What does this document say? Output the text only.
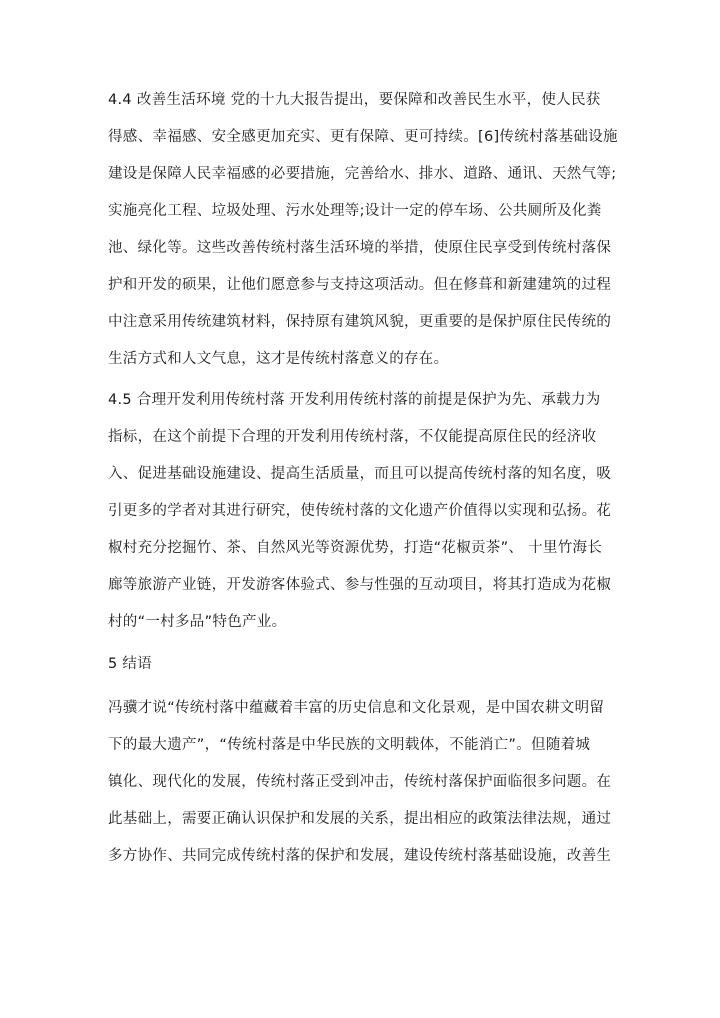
4.4 改善生活环境 党的十九大报告提出，要保障和改善民生水平，使人民获
得感、幸福感、安全感更加充实、更有保障、更可持续。[6]传统村落基础设施
建设是保障人民幸福感的必要措施，完善给水、排水、道路、通讯、天然气等;
实施亮化工程、垃圾处理、污水处理等;设计一定的停车场、公共厕所及化粪
池、绿化等。这些改善传统村落生活环境的举措，使原住民享受到传统村落保
护和开发的硕果，让他们愿意参与支持这项活动。但在修葺和新建建筑的过程
中注意采用传统建筑材料，保持原有建筑风貌，更重要的是保护原住民传统的
生活方式和人文气息，这才是传统村落意义的存在。
4.5 合理开发利用传统村落 开发利用传统村落的前提是保护为先、承载力为
指标，在这个前提下合理的开发利用传统村落，不仅能提高原住民的经济收
入、促进基础设施建设、提高生活质量，而且可以提高传统村落的知名度，吸
引更多的学者对其进行研究，使传统村落的文化遗产价值得以实现和弘扬。花
椒村充分挖掘竹、茶、自然风光等资源优势，打造“花椒贡茶”、 十里竹海长
廊等旅游产业链，开发游客体验式、参与性强的互动项目，将其打造成为花椒
村的“一村多品”特色产业。
5 结语
冯骥才说“传统村落中蕴藏着丰富的历史信息和文化景观，是中国农耕文明留
下的最大遗产”，“传统村落是中华民族的文明载体，不能消亡”。但随着城
镇化、现代化的发展，传统村落正受到冲击，传统村落保护面临很多问题。在
此基础上，需要正确认识保护和发展的关系，提出相应的政策法律法规，通过
多方协作、共同完成传统村落的保护和发展，建设传统村落基础设施，改善生
